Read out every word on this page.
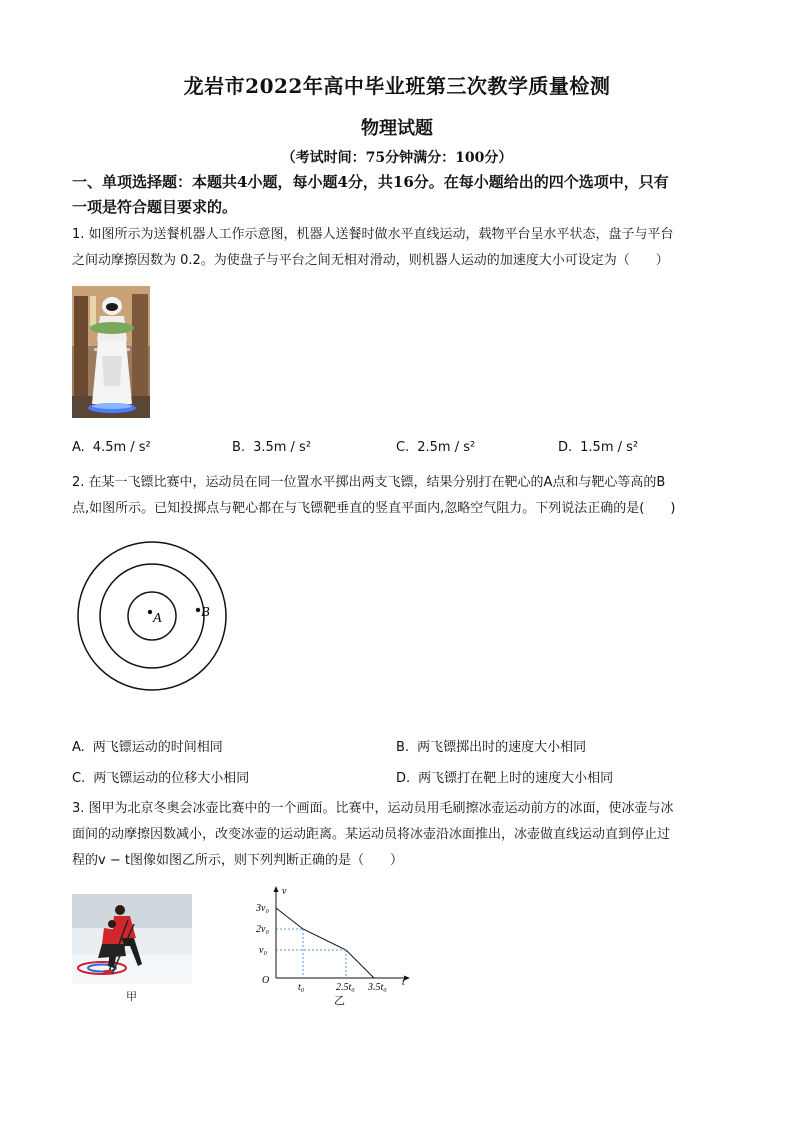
龙岩市2022年高中毕业班第三次教学质量检测
物理试题
（考试时间：75分钟满分：100分）
一、单项选择题：本题共4小题，每小题4分，共16分。在每小题给出的四个选项中，只有
一项是符合题目要求的。
1. 如图所示为送餐机器人工作示意图，机器人送餐时做水平直线运动，载物平台呈水平状态，盘子与平台
之间动摩擦因数为 0.2。为使盘子与平台之间无相对滑动，则机器人运动的加速度大小可设定为（　　）
A. 4.5m / s²	B. 3.5m / s²	C. 2.5m / s²	D. 1.5m / s²
2. 在某一飞镖比赛中，运动员在同一位置水平掷出两支飞镖，结果分别打在靶心的A点和与靶心等高的B
点,如图所示。已知投掷点与靶心都在与飞镖靶垂直的竖直平面内,忽略空气阻力。下列说法正确的是(　　)
A	B
A. 两飞镖运动的时间相同	B. 两飞镖掷出时的速度大小相同
C. 两飞镖运动的位移大小相同	D. 两飞镖打在靶上时的速度大小相同
3. 图甲为北京冬奥会冰壶比赛中的一个画面。比赛中，运动员用毛刷擦冰壶运动前方的冰面，使冰壶与冰
面间的动摩擦因数减小，改变冰壶的运动距离。某运动员将冰壶沿冰面推出，冰壶做直线运动直到停止过
程的v − t图像如图乙所示，则下列判断正确的是（　　）
甲
v
t
O
3v₀
2v₀
v₀
t₀	2.5t₀ 3.5t₀
乙
